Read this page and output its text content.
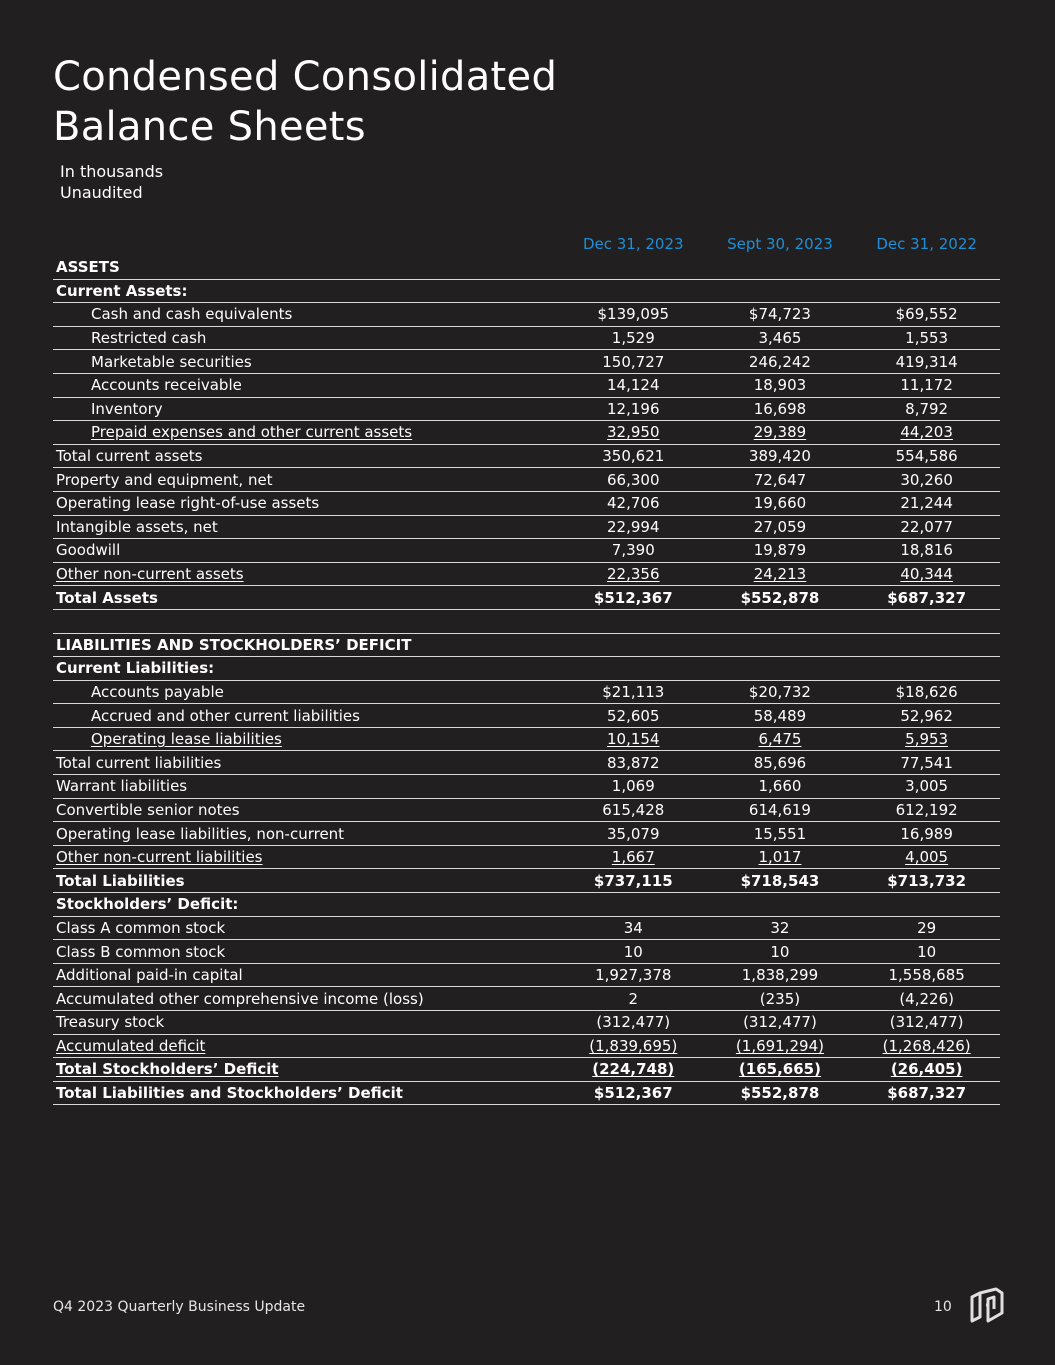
Condensed Consolidated Balance Sheets
In thousands
Unaudited
	Dec 31, 2023	Sept 30, 2023	Dec 31, 2022
ASSETS			
Current Assets:			
Cash and cash equivalents	$139,095	$74,723	$69,552
Restricted cash	1,529	3,465	1,553
Marketable securities	150,727	246,242	419,314
Accounts receivable	14,124	18,903	11,172
Inventory	12,196	16,698	8,792
Prepaid expenses and other current assets	32,950	29,389	44,203
Total current assets	350,621	389,420	554,586
Property and equipment, net	66,300	72,647	30,260
Operating lease right-of-use assets	42,706	19,660	21,244
Intangible assets, net	22,994	27,059	22,077
Goodwill	7,390	19,879	18,816
Other non-current assets	22,356	24,213	40,344
Total Assets	$512,367	$552,878	$687,327

LIABILITIES AND STOCKHOLDERS’ DEFICIT			
Current Liabilities:			
Accounts payable	$21,113	$20,732	$18,626
Accrued and other current liabilities	52,605	58,489	52,962
Operating lease liabilities	10,154	6,475	5,953
Total current liabilities	83,872	85,696	77,541
Warrant liabilities	1,069	1,660	3,005
Convertible senior notes	615,428	614,619	612,192
Operating lease liabilities, non-current	35,079	15,551	16,989
Other non-current liabilities	1,667	1,017	4,005
Total Liabilities	$737,115	$718,543	$713,732
Stockholders’ Deficit:			
Class A common stock	34	32	29
Class B common stock	10	10	10
Additional paid-in capital	1,927,378	1,838,299	1,558,685
Accumulated other comprehensive income (loss)	2	(235)	(4,226)
Treasury stock	(312,477)	(312,477)	(312,477)
Accumulated deficit	(1,839,695)	(1,691,294)	(1,268,426)
Total Stockholders’ Deficit	(224,748)	(165,665)	(26,405)
Total Liabilities and Stockholders’ Deficit	$512,367	$552,878	$687,327
Q4 2023 Quarterly Business Update	10
